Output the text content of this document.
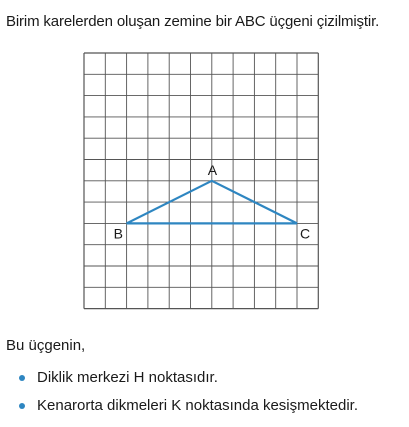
Birim karelerden oluşan zemine bir ABC üçgeni çizilmiştir.
A
B	C
Bu üçgenin,
Diklik merkezi H noktasıdır.
Kenarorta dikmeleri K noktasında kesişmektedir.
